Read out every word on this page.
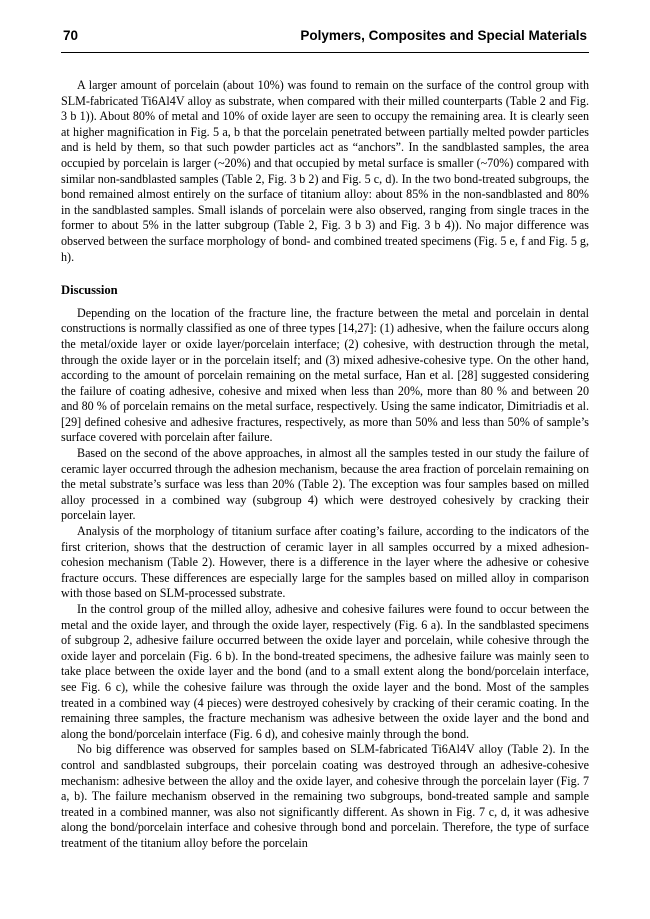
70	Polymers, Composites and Special Materials

A larger amount of porcelain (about 10%) was found to remain on the surface of the control group with SLM-fabricated Ti6Al4V alloy as substrate, when compared with their milled counterparts (Table 2 and Fig. 3 b 1)). About 80% of metal and 10% of oxide layer are seen to occupy the remaining area. It is clearly seen at higher magnification in Fig. 5 a, b that the porcelain penetrated between partially melted powder particles and is held by them, so that such powder particles act as “anchors”. In the sandblasted samples, the area occupied by porcelain is larger (~20%) and that occupied by metal surface is smaller (~70%) compared with similar non-sandblasted samples (Table 2, Fig. 3 b 2) and Fig. 5 c, d). In the two bond-treated subgroups, the bond remained almost entirely on the surface of titanium alloy: about 85% in the non-sandblasted and 80% in the sandblasted samples. Small islands of porcelain were also observed, ranging from single traces in the former to about 5% in the latter subgroup (Table 2, Fig. 3 b 3) and Fig. 3 b 4)). No major difference was observed between the surface morphology of bond- and combined treated specimens (Fig. 5 e, f and Fig. 5 g, h).

Discussion

Depending on the location of the fracture line, the fracture between the metal and porcelain in dental constructions is normally classified as one of three types [14,27]: (1) adhesive, when the failure occurs along the metal/oxide layer or oxide layer/porcelain interface; (2) cohesive, with destruction through the metal, through the oxide layer or in the porcelain itself; and (3) mixed adhesive-cohesive type. On the other hand, according to the amount of porcelain remaining on the metal surface, Han et al. [28] suggested considering the failure of coating adhesive, cohesive and mixed when less than 20%, more than 80 % and between 20 and 80 % of porcelain remains on the metal surface, respectively. Using the same indicator, Dimitriadis et al. [29] defined cohesive and adhesive fractures, respectively, as more than 50% and less than 50% of sample’s surface covered with porcelain after failure.

Based on the second of the above approaches, in almost all the samples tested in our study the failure of ceramic layer occurred through the adhesion mechanism, because the area fraction of porcelain remaining on the metal substrate’s surface was less than 20% (Table 2). The exception was four samples based on milled alloy processed in a combined way (subgroup 4) which were destroyed cohesively by cracking their porcelain layer.

Analysis of the morphology of titanium surface after coating’s failure, according to the indicators of the first criterion, shows that the destruction of ceramic layer in all samples occurred by a mixed adhesion-cohesion mechanism (Table 2). However, there is a difference in the layer where the adhesive or cohesive fracture occurs. These differences are especially large for the samples based on milled alloy in comparison with those based on SLM-processed substrate.

In the control group of the milled alloy, adhesive and cohesive failures were found to occur between the metal and the oxide layer, and through the oxide layer, respectively (Fig. 6 a). In the sandblasted specimens of subgroup 2, adhesive failure occurred between the oxide layer and porcelain, while cohesive through the oxide layer and porcelain (Fig. 6 b). In the bond-treated specimens, the adhesive failure was mainly seen to take place between the oxide layer and the bond (and to a small extent along the bond/porcelain interface, see Fig. 6 c), while the cohesive failure was through the oxide layer and the bond. Most of the samples treated in a combined way (4 pieces) were destroyed cohesively by cracking of their ceramic coating. In the remaining three samples, the fracture mechanism was adhesive between the oxide layer and the bond and along the bond/porcelain interface (Fig. 6 d), and cohesive mainly through the bond.

No big difference was observed for samples based on SLM-fabricated Ti6Al4V alloy (Table 2). In the control and sandblasted subgroups, their porcelain coating was destroyed through an adhesive-cohesive mechanism: adhesive between the alloy and the oxide layer, and cohesive through the porcelain layer (Fig. 7 a, b). The failure mechanism observed in the remaining two subgroups, bond-treated sample and sample treated in a combined manner, was also not significantly different. As shown in Fig. 7 c, d, it was adhesive along the bond/porcelain interface and cohesive through bond and porcelain. Therefore, the type of surface treatment of the titanium alloy before the porcelain
